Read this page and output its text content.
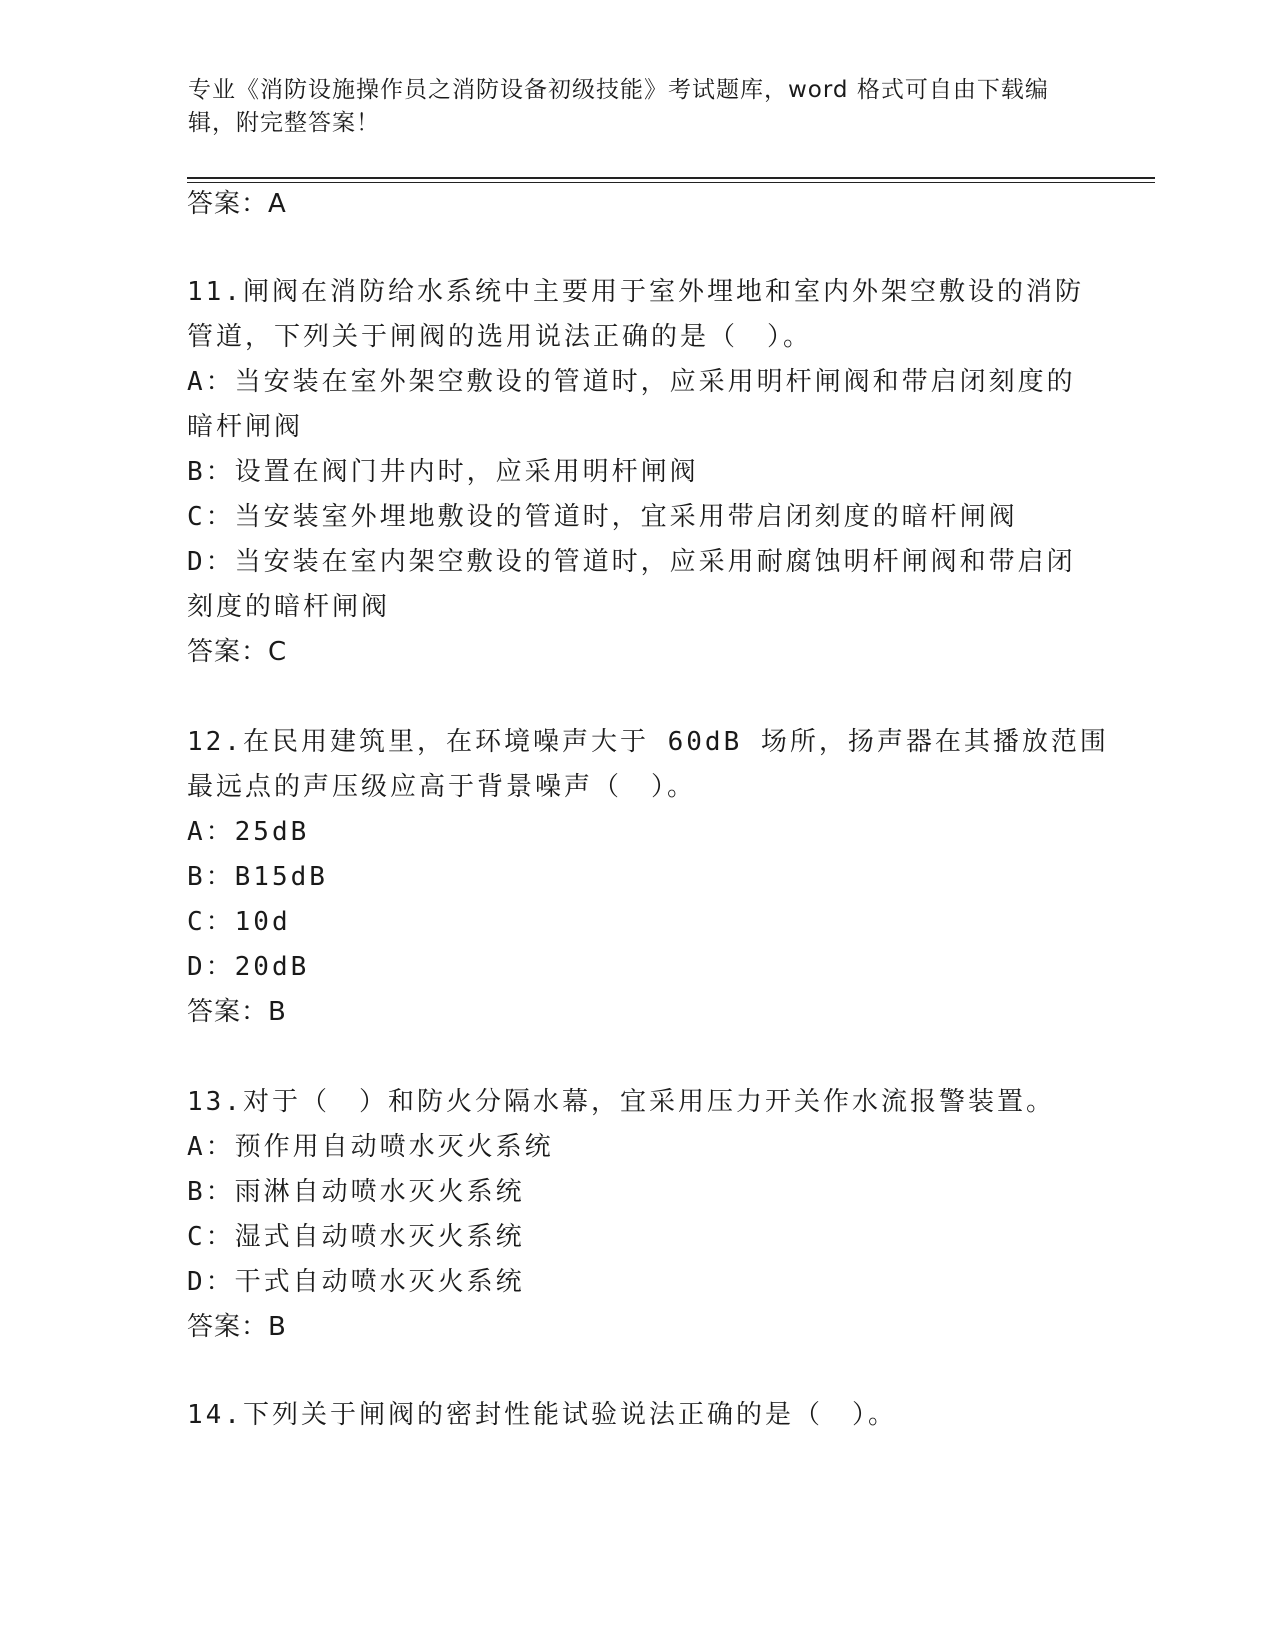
专业《消防设施操作员之消防设备初级技能》考试题库，word 格式可自由下载编
辑，附完整答案！
答案：A
11.闸阀在消防给水系统中主要用于室外埋地和室内外架空敷设的消防
管道，下列关于闸阀的选用说法正确的是（　）。
A：当安装在室外架空敷设的管道时，应采用明杆闸阀和带启闭刻度的
暗杆闸阀
B：设置在阀门井内时，应采用明杆闸阀
C：当安装室外埋地敷设的管道时，宜采用带启闭刻度的暗杆闸阀
D：当安装在室内架空敷设的管道时，应采用耐腐蚀明杆闸阀和带启闭
刻度的暗杆闸阀
答案：C
12.在民用建筑里，在环境噪声大于 60dB 场所，扬声器在其播放范围
最远点的声压级应高于背景噪声（　）。
A：25dB
B：B15dB
C：10d
D：20dB
答案：B
13.对于（　）和防火分隔水幕，宜采用压力开关作水流报警装置。
A：预作用自动喷水灭火系统
B：雨淋自动喷水灭火系统
C：湿式自动喷水灭火系统
D：干式自动喷水灭火系统
答案：B
14.下列关于闸阀的密封性能试验说法正确的是（　）。
